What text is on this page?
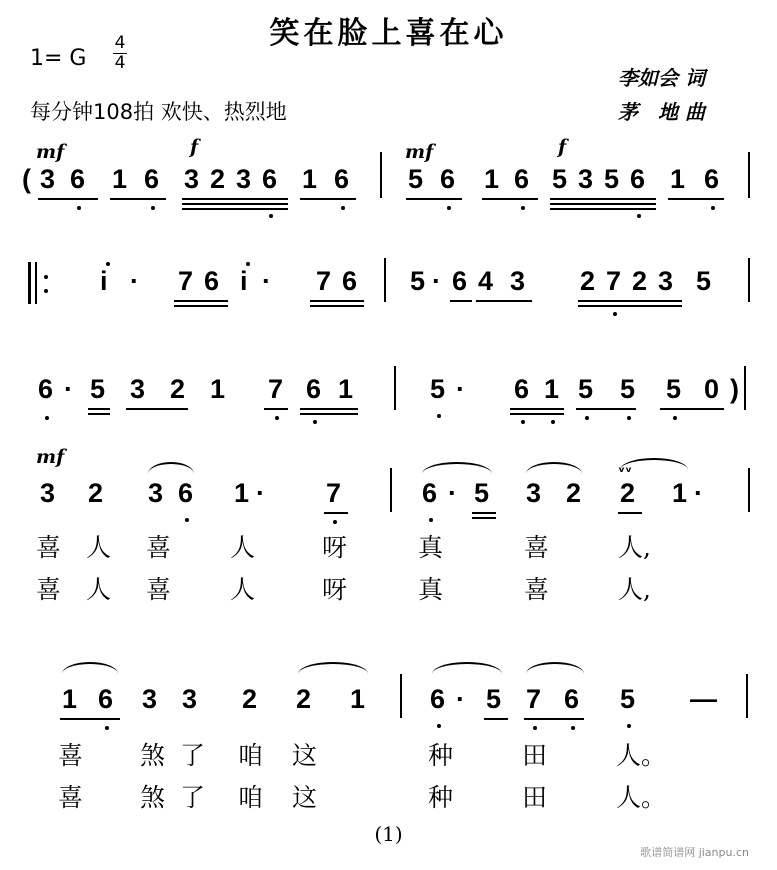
笑在脸上喜在心
1= G
4
4
每分钟108拍 欢快、热烈地
李如会 词
茅　地 曲
mf	f	mf	f
( 3 6 1 6 3 2 3 6 1 6 5 6 1 6 5 3 5 6 1 6
i · 7 6 i · 7 6 5 · 6 4 3 2 7 2 3 5
6 · 5 3 2 1 7 6 1	5 · 6 1 5 5 5 0 )
mf	ᵥᵥ
3 2 3 6 1 · 7	6 · 5 3 2 2 1 ·
喜 人 喜 人	呀	真	喜	人,
喜 人 喜 人	呀	真	喜	人,
1 6 3 3 2 2 1 6 · 5 7 6 5 —
喜 煞 了 咱 这	种	田	人。
喜 煞 了 咱 这	种	田	人。
(1)
歌谱简谱网 jianpu.cn
